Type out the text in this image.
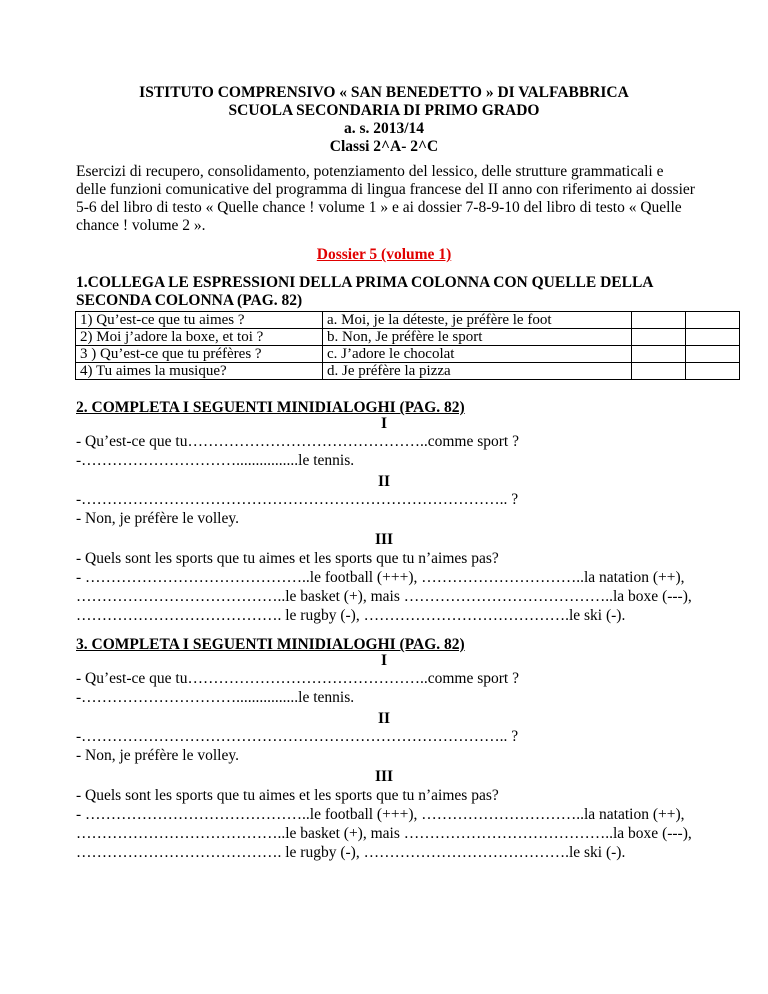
ISTITUTO COMPRENSIVO « SAN BENEDETTO » DI VALFABBRICA
SCUOLA SECONDARIA DI PRIMO GRADO
a. s. 2013/14
Classi 2^A- 2^C
Esercizi di recupero, consolidamento, potenziamento del lessico, delle strutture grammaticali e delle funzioni comunicative del programma di lingua francese del II anno con riferimento ai dossier 5-6 del libro di testo « Quelle chance ! volume 1 » e ai dossier 7-8-9-10 del libro di testo « Quelle chance ! volume 2 ».
Dossier 5 (volume 1)
1.COLLEGA LE ESPRESSIONI DELLA PRIMA COLONNA CON QUELLE DELLA
SECONDA COLONNA (PAG. 82)
1) Qu’est-ce que tu aimes ?	a. Moi, je la déteste, je préfère le foot		
2) Moi j’adore la boxe, et toi ?	b. Non, Je préfère le sport		
3 ) Qu’est-ce que tu préfères ?	c. J’adore le chocolat		
4) Tu aimes la musique?	d. Je préfère la pizza		
2. COMPLETA I SEGUENTI MINIDIALOGHI (PAG. 82)
I
- Qu’est-ce que tu………………………………………..comme sport ?
-…………………………................le tennis.
II
-……………………………………………………………………….. ?
- Non, je préfère le volley.
III
- Quels sont les sports que tu aimes et les sports que tu n’aimes pas?
- ……………………………………..le football (+++), …………………………..la natation (++),
…………………………………..le basket (+), mais …………………………………..la boxe (---),
…………………………………. le rugby (-), ………………………………….le ski (-).
3. COMPLETA I SEGUENTI MINIDIALOGHI (PAG. 82)
I
- Qu’est-ce que tu………………………………………..comme sport ?
-…………………………................le tennis.
II
-……………………………………………………………………….. ?
- Non, je préfère le volley.
III
- Quels sont les sports que tu aimes et les sports que tu n’aimes pas?
- ……………………………………..le football (+++), …………………………..la natation (++),
…………………………………..le basket (+), mais …………………………………..la boxe (---),
…………………………………. le rugby (-), ………………………………….le ski (-).
